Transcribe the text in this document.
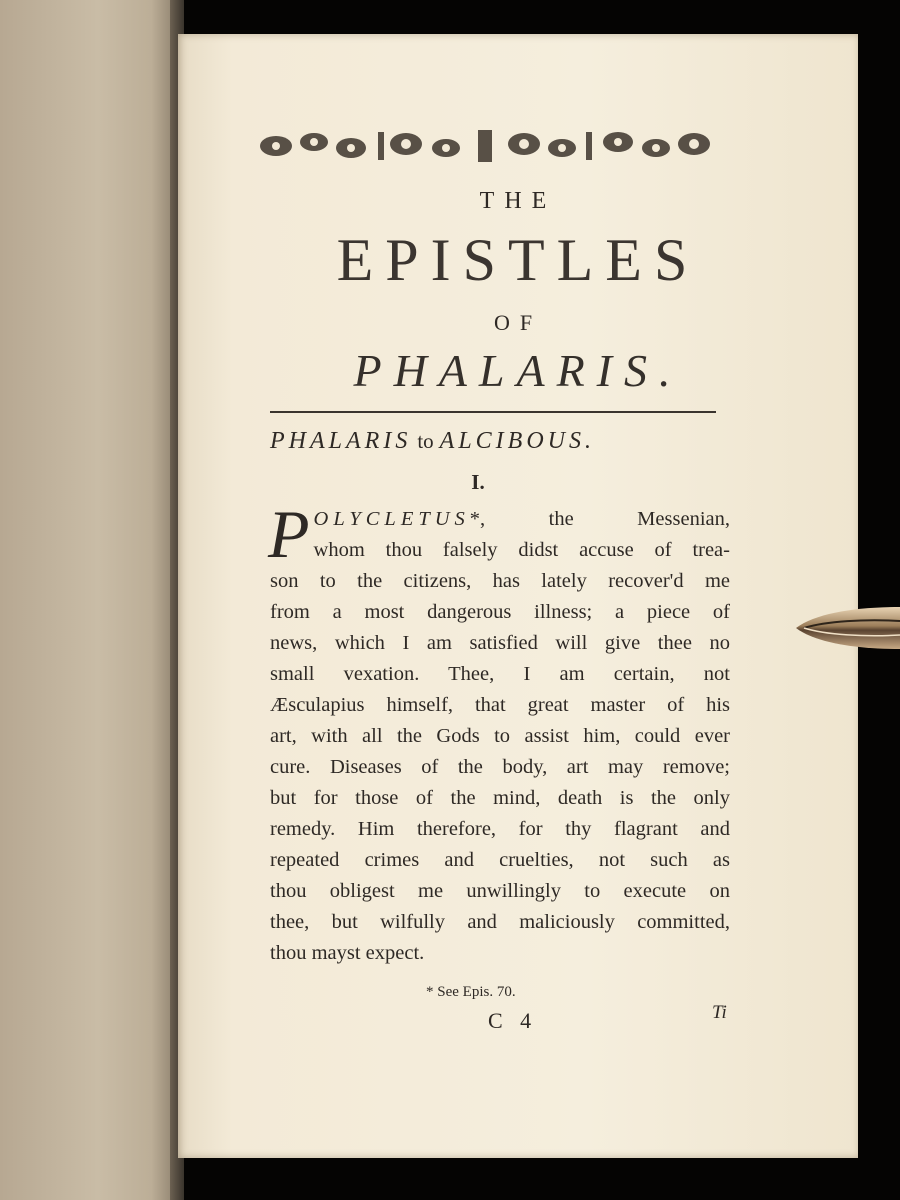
THE
EPISTLES
OF
PHALARIS.
PHALARIS to ALCIBOUS.
I.
P OLYCLETUS*, the Messenian,
whom thou falsely didst accuse of trea-
son to the citizens, has lately recover'd me
from a most dangerous illness; a piece of
news, which I am satisfied will give thee no
small vexation. Thee, I am certain, not
Æsculapius himself, that great master of his
art, with all the Gods to assist him, could ever
cure. Diseases of the body, art may remove;
but for those of the mind, death is the only
remedy. Him therefore, for thy flagrant and
repeated crimes and cruelties, not such as
thou obligest me unwillingly to execute on
thee, but wilfully and maliciously committed,
thou mayst expect.
* See Epis. 70.
C 4	Ti
